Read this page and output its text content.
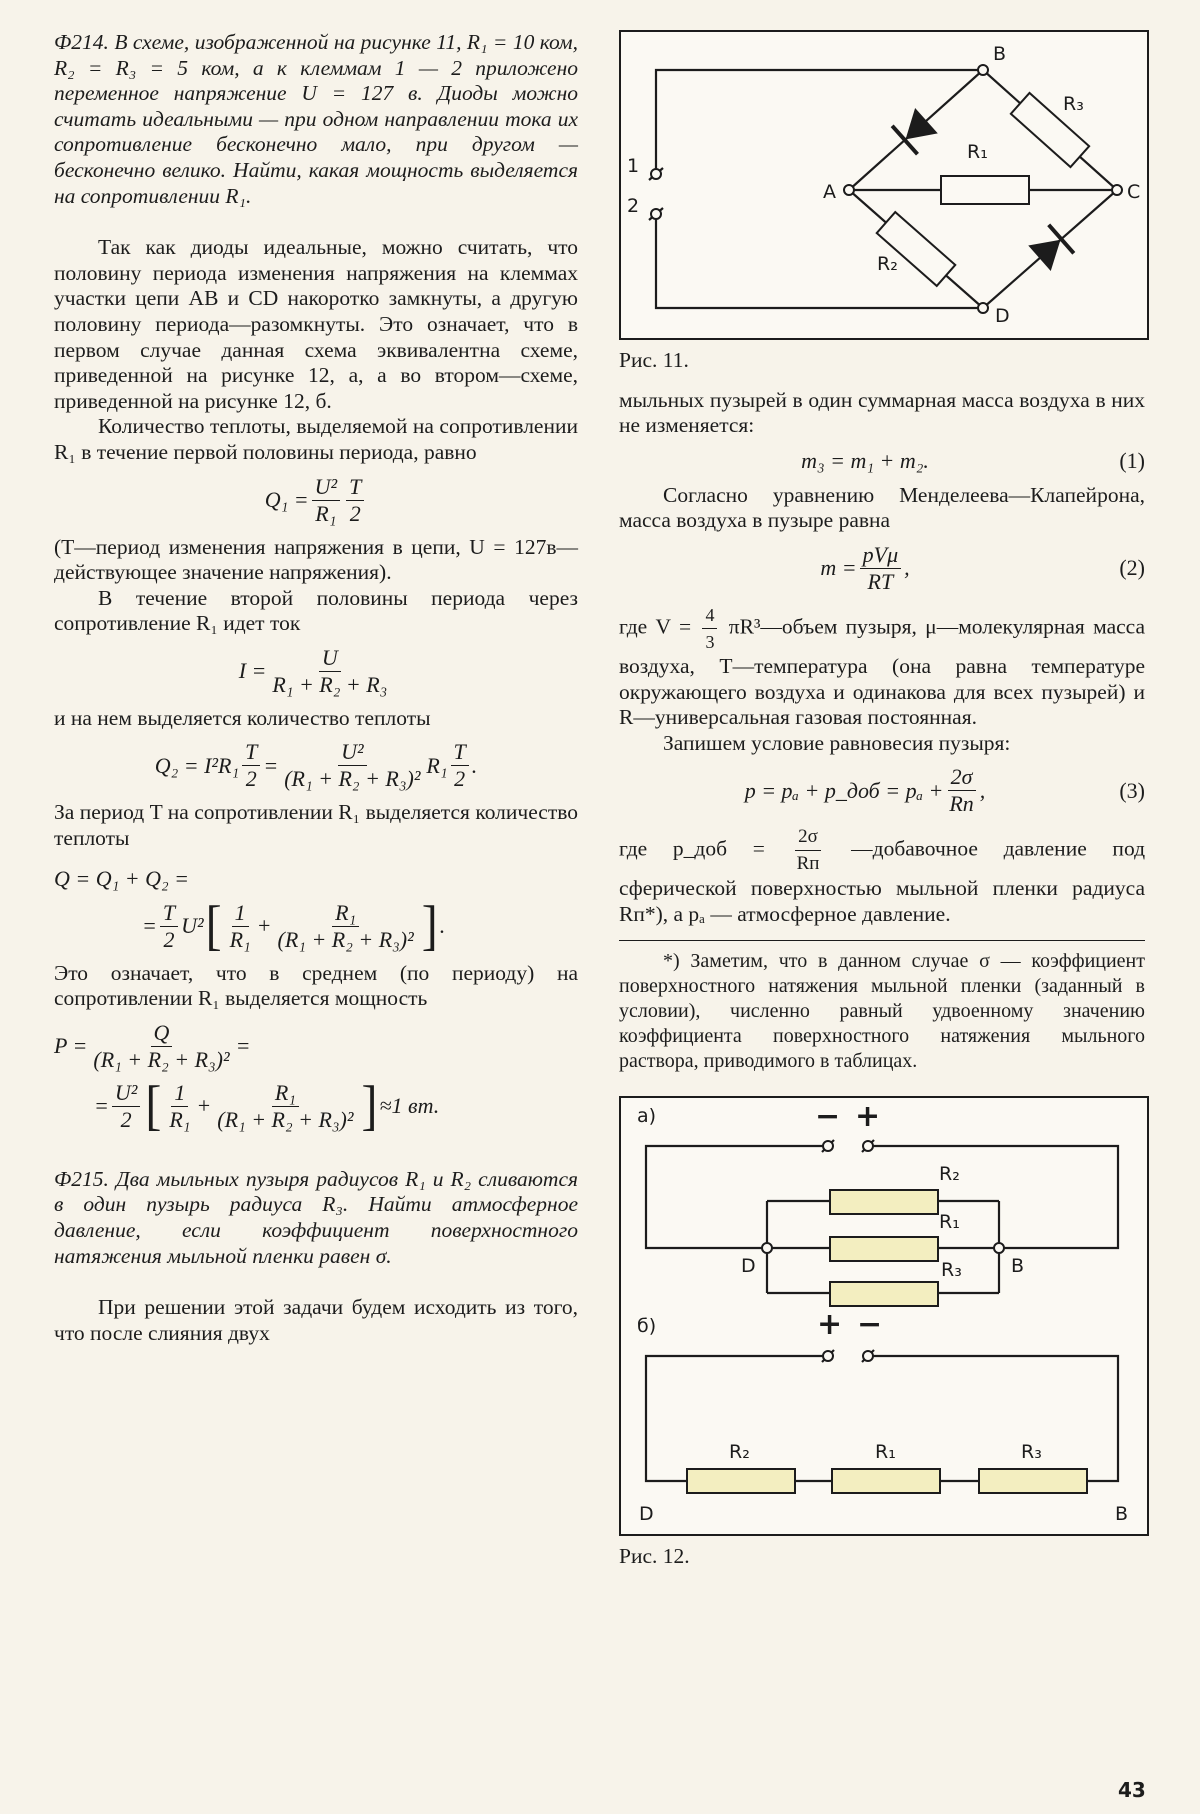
Ф214. В схеме, изображенной на рисунке 11, R₁ = 10 ком, R₂ = R₃ = 5 ком, а к клеммам 1 — 2 приложено переменное напряжение U = 127 в. Диоды можно считать идеальными — при одном направлении тока их сопротивление бесконечно мало, при другом — бесконечно велико. Найти, какая мощность выделяется на сопротивлении R₁.

Так как диоды идеальные, можно считать, что половину периода изменения напряжения на клеммах участки цепи AB и CD накоротко замкнуты, а другую половину периода—разомкнуты. Это означает, что в первом случае данная схема эквивалентна схеме, приведенной на рисунке 12, а, а во втором—схеме, приведенной на рисунке 12, б.

Количество теплоты, выделяемой на сопротивлении R₁ в течение первой половины периода, равно

$Q_1 = \frac{\text{U²}}{\text{R₁}} \frac{T}{2}$

(T—период изменения напряжения в цепи, U = 127в—действующее значение напряжения).

В течение второй половины периода через сопротивление R₁ идет ток

$I = \frac{U}{\text{R₁ + R₂ + R₃}}$

и на нем выделяется количество теплоты

$Q_2 = I^2R_1 \frac{T}{2} = \frac{\text{U²}}{\text{(R₁ + R₂ + R₃)²}} R_1 \frac{T}{2}$ .

За период T на сопротивлении R₁ выделяется количество теплоты

Q = Q₁ + Q₂ =
= $\frac{T}{2} U^2$ [ $\frac{1}{\text{R₁}} + \frac{\text{R₁}}{\text{(R₁ + R₂ + R₃)²}}$ ] .

Это означает, что в среднем (по периоду) на сопротивлении R₁ выделяется мощность

$P = \frac{Q}{\text{(R₁ + R₂ + R₃)²}}$ =
= $\frac{\text{U²}}{2}$ [ $\frac{1}{\text{R₁}} + \frac{\text{R₁}}{\text{(R₁ + R₂ + R₃)²}}$ ] ≈1 вт.

Ф215. Два мыльных пузыря радиусов R₁ и R₂ сливаются в один пузырь радиуса R₃. Найти атмосферное давление, если коэффициент поверхностного натяжения мыльной пленки равен σ.

При решении этой задачи будем исходить из того, что после слияния двух

B
R₃
R₁
1
2
A	C
R₂
D

Рис. 11.

мыльных пузырей в один суммарная масса воздуха в них не изменяется:

m₃ = m₁ + m₂.	(1)

Согласно уравнению Менделеева—Клапейрона, масса воздуха в пузыре равна

$m = \frac{\text{pVμ}}{RT}$ ,	(2)

где $V = \frac{4}{3}$ πR³—объем пузыря, μ—молекулярная масса воздуха, T—температура (она равна температуре окружающего воздуха и одинакова для всех пузырей) и R—универсальная газовая постоянная.

Запишем условие равновесия пузыря:

p = pₐ + p_доб = $p_a + \frac{2\sigma}{Rп}$ ,	(3)

где p_доб = $\frac{2\sigma}{Rп}$ —добавочное давление под сферической поверхностью мыльной пленки радиуса Rп*), а pₐ — атмосферное давление.

*) Заметим, что в данном случае σ — коэффициент поверхностного натяжения мыльной пленки (заданный в условии), численно равный удвоенному значению коэффициента поверхностного натяжения мыльного раствора, приводимого в таблицах.

а)	− +
R₂
R₁
R₃
D	B
б)	+ −
R₂	R₁	R₃
D	B

Рис. 12.

43
